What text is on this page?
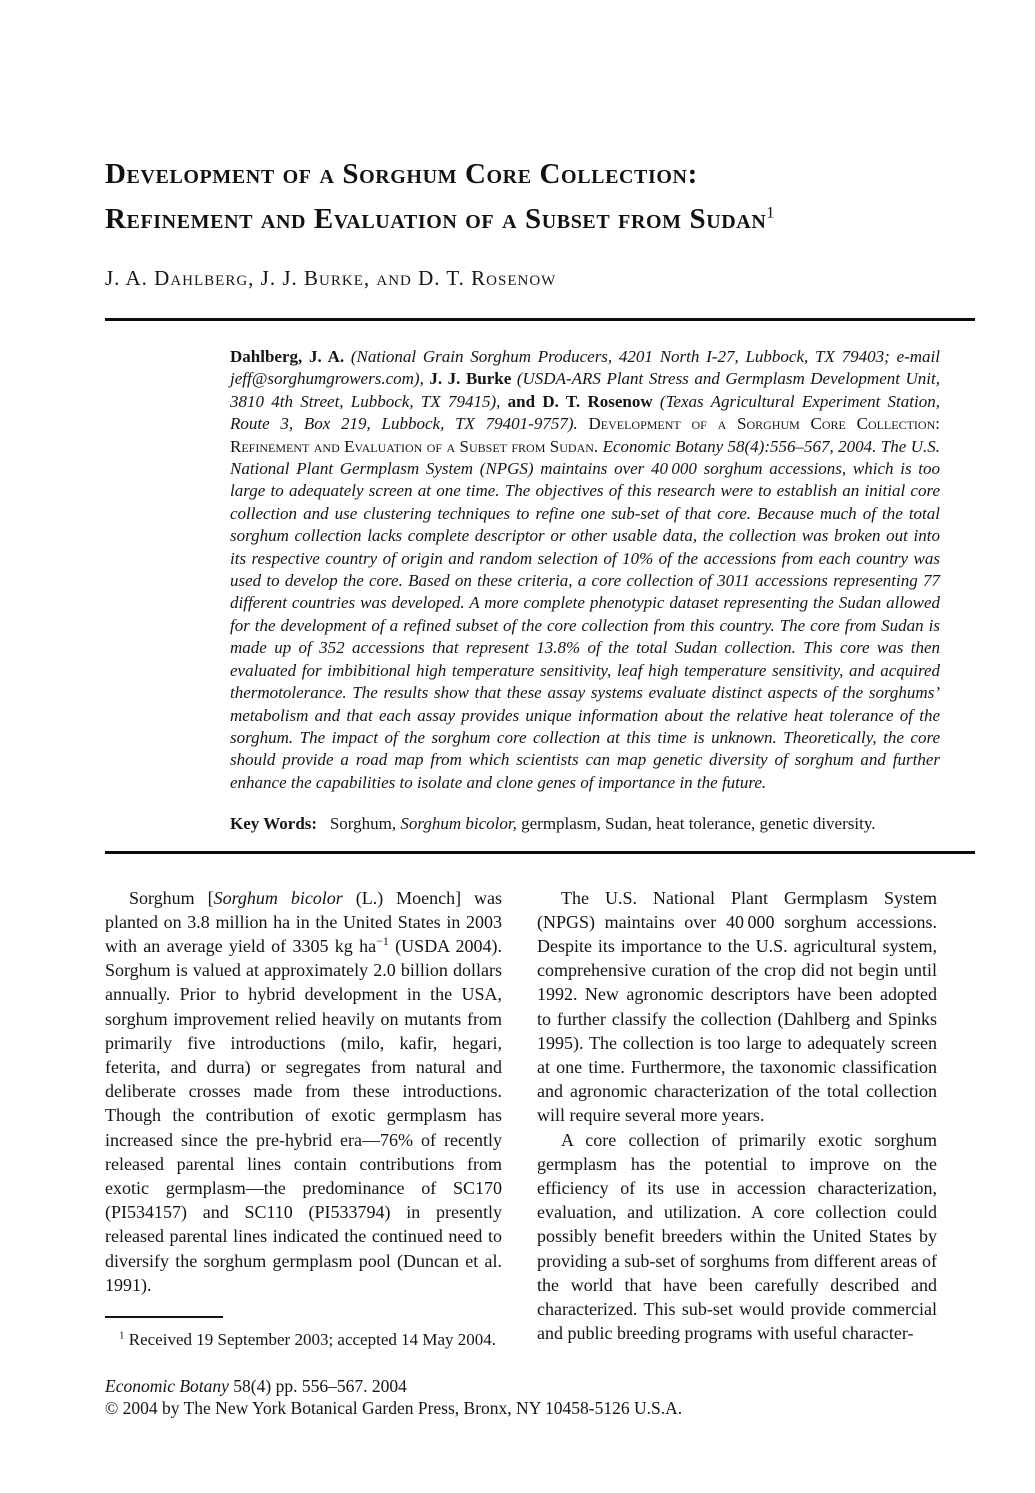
Development of a Sorghum Core Collection:
Refinement and Evaluation of a Subset from Sudan$^1$
J. A. Dahlberg, J. J. Burke, and D. T. Rosenow
Dahlberg, J. A. (National Grain Sorghum Producers, 4201 North I-27, Lubbock, TX 79403; e-mail jeff@sorghumgrowers.com), J. J. Burke (USDA-ARS Plant Stress and Germplasm Development Unit, 3810 4th Street, Lubbock, TX 79415), and D. T. Rosenow (Texas Agricultural Experiment Station, Route 3, Box 219, Lubbock, TX 79401-9757). Development of a Sorghum Core Collection: Refinement and Evaluation of a Subset from Sudan. Economic Botany 58(4):556–567, 2004. The U.S. National Plant Germplasm System (NPGS) maintains over 40 000 sorghum accessions, which is too large to adequately screen at one time. The objectives of this research were to establish an initial core collection and use clustering techniques to refine one sub-set of that core. Because much of the total sorghum collection lacks complete descriptor or other usable data, the collection was broken out into its respective country of origin and random selection of 10% of the accessions from each country was used to develop the core. Based on these criteria, a core collection of 3011 accessions representing 77 different countries was developed. A more complete phenotypic dataset representing the Sudan allowed for the development of a refined subset of the core collection from this country. The core from Sudan is made up of 352 accessions that represent 13.8% of the total Sudan collection. This core was then evaluated for imbibitional high temperature sensitivity, leaf high temperature sensitivity, and acquired thermotolerance. The results show that these assay systems evaluate distinct aspects of the sorghums’ metabolism and that each assay provides unique information about the relative heat tolerance of the sorghum. The impact of the sorghum core collection at this time is unknown. Theoretically, the core should provide a road map from which scientists can map genetic diversity of sorghum and further enhance the capabilities to isolate and clone genes of importance in the future.
Key Words:   Sorghum, Sorghum bicolor, germplasm, Sudan, heat tolerance, genetic diversity.

Sorghum [Sorghum bicolor (L.) Moench] was planted on 3.8 million ha in the United States in 2003 with an average yield of 3305 kg $ha^{-1}$ (USDA 2004). Sorghum is valued at approximately 2.0 billion dollars annually. Prior to hybrid development in the USA, sorghum improvement relied heavily on mutants from primarily five introductions (milo, kafir, hegari, feterita, and durra) or segregates from natural and deliberate crosses made from these introductions. Though the contribution of exotic germplasm has increased since the pre-hybrid era—76% of recently released parental lines contain contributions from exotic germplasm—the predominance of SC170 (PI534157) and SC110 (PI533794) in presently released parental lines indicated the continued need to diversify the sorghum germplasm pool (Duncan et al. 1991).

$^1$ Received 19 September 2003; accepted 14 May 2004.

The U.S. National Plant Germplasm System (NPGS) maintains over 40 000 sorghum accessions. Despite its importance to the U.S. agricultural system, comprehensive curation of the crop did not begin until 1992. New agronomic descriptors have been adopted to further classify the collection (Dahlberg and Spinks 1995). The collection is too large to adequately screen at one time. Furthermore, the taxonomic classification and agronomic characterization of the total collection will require several more years.

A core collection of primarily exotic sorghum germplasm has the potential to improve on the efficiency of its use in accession characterization, evaluation, and utilization. A core collection could possibly benefit breeders within the United States by providing a sub-set of sorghums from different areas of the world that have been carefully described and characterized. This sub-set would provide commercial and public breeding programs with useful character-

Economic Botany 58(4) pp. 556–567. 2004
© 2004 by The New York Botanical Garden Press, Bronx, NY 10458-5126 U.S.A.
